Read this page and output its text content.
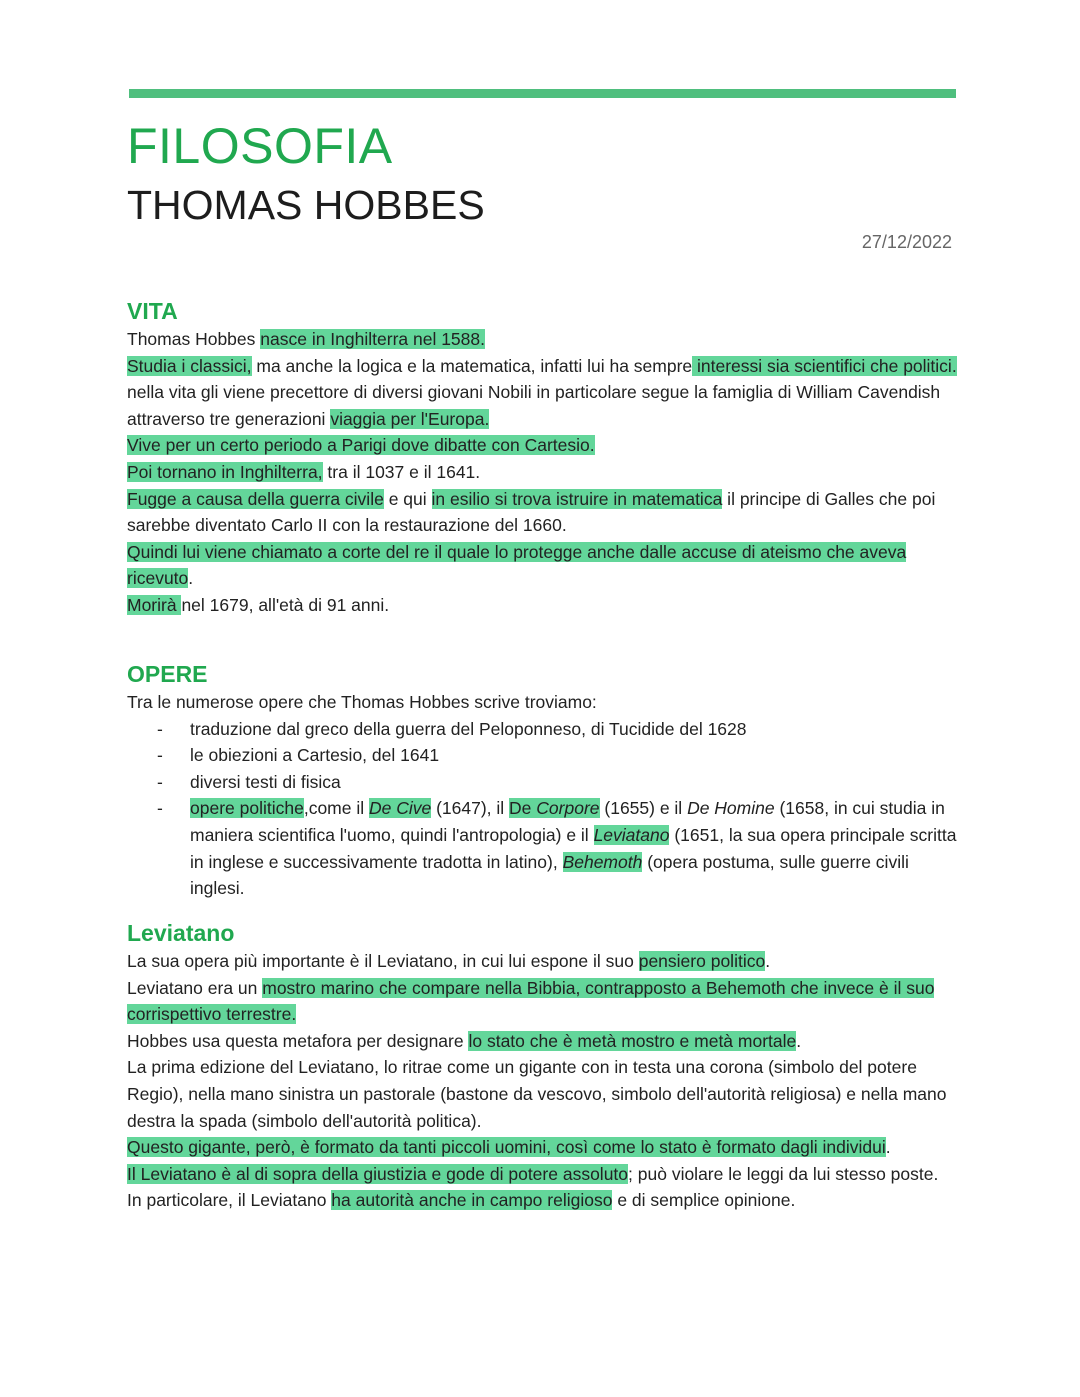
FILOSOFIA
THOMAS HOBBES
27/12/2022
VITA

Thomas Hobbes nasce in Inghilterra nel 1588.

Studia i classici, ma anche la logica e la matematica, infatti lui ha sempre interessi sia scientifici che politici. nella vita gli viene precettore di diversi giovani Nobili in particolare segue la famiglia di William Cavendish attraverso tre generazioni viaggia per l'Europa.

Vive per un certo periodo a Parigi dove dibatte con Cartesio.

Poi tornano in Inghilterra, tra il 1037 e il 1641.

Fugge a causa della guerra civile e qui in esilio si trova istruire in matematica il principe di Galles che poi sarebbe diventato Carlo II con la restaurazione del 1660.

Quindi lui viene chiamato a corte del re il quale lo protegge anche dalle accuse di ateismo che aveva ricevuto.

Morirà nel 1679, all'età di 91 anni.

OPERE

Tra le numerose opere che Thomas Hobbes scrive troviamo:

- traduzione dal greco della guerra del Peloponneso, di Tucidide del 1628
- le obiezioni a Cartesio, del 1641
- diversi testi di fisica
- opere politiche,come il De Cive (1647), il De Corpore (1655) e il De Homine (1658, in cui studia in maniera scientifica l'uomo, quindi l'antropologia) e il Leviatano (1651, la sua opera principale scritta in inglese e successivamente tradotta in latino), Behemoth (opera postuma, sulle guerre civili inglesi.
Leviatano

La sua opera più importante è il Leviatano, in cui lui espone il suo pensiero politico.

Leviatano era un mostro marino che compare nella Bibbia, contrapposto a Behemoth che invece è il suo corrispettivo terrestre.

Hobbes usa questa metafora per designare lo stato che è metà mostro e metà mortale.

La prima edizione del Leviatano, lo ritrae come un gigante con in testa una corona (simbolo del potere Regio), nella mano sinistra un pastorale (bastone da vescovo, simbolo dell'autorità religiosa) e nella mano destra la spada (simbolo dell'autorità politica).

Questo gigante, però, è formato da tanti piccoli uomini, così come lo stato è formato dagli individui.

Il Leviatano è al di sopra della giustizia e gode di potere assoluto; può violare le leggi da lui stesso poste.

In particolare, il Leviatano ha autorità anche in campo religioso e di semplice opinione.
